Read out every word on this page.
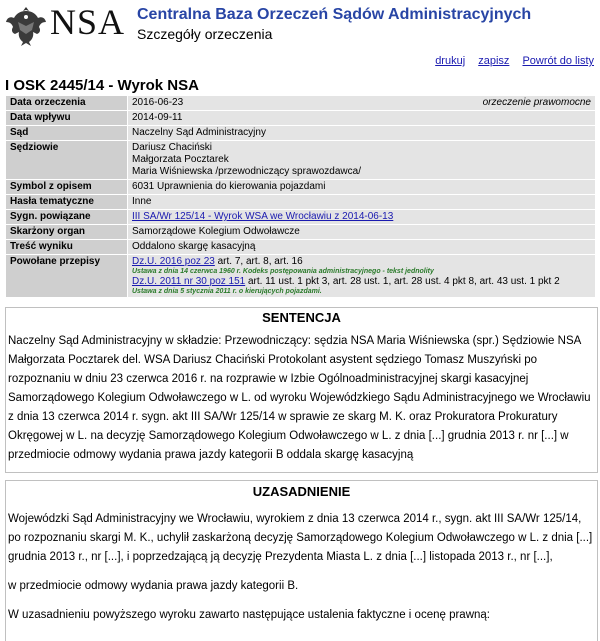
NSA Centralna Baza Orzeczeń Sądów Administracyjnych
Szczegóły orzeczenia
drukuj zapisz Powrót do listy
I OSK 2445/14 - Wyrok NSA
Data orzeczenia	2016-06-23 orzeczenie prawomocne

Data wpływu	2014-09-11
Sąd	Naczelny Sąd Administracyjny
Sędziowie	Dariusz Chaciński
Małgorzata Pocztarek
Maria Wiśniewska /przewodniczący sprawozdawca/

Symbol z opisem	6031 Uprawnienia do kierowania pojazdami
Hasła tematyczne	Inne
Sygn. powiązane	III SA/Wr 125/14 - Wyrok WSA we Wrocławiu z 2014-06-13
Skarżony organ	Samorządowe Kolegium Odwoławcze
Treść wyniku	Oddalono skargę kasacyjną
Powołane przepisy	Dz.U. 2016 poz 23 art. 7, art. 8, art. 16
Ustawa z dnia 14 czerwca 1960 r. Kodeks postępowania administracyjnego - tekst jednolity
Dz.U. 2011 nr 30 poz 151 art. 11 ust. 1 pkt 3, art. 28 ust. 1, art. 28 ust. 4 pkt 8, art. 43 ust. 1 pkt 2
Ustawa z dnia 5 stycznia 2011 r. o kierujących pojazdami.
SENTENCJA

Naczelny Sąd Administracyjny w składzie: Przewodniczący: sędzia NSA Maria Wiśniewska (spr.) Sędziowie NSA Małgorzata Pocztarek del. WSA Dariusz Chaciński Protokolant asystent sędziego Tomasz Muszyński po rozpoznaniu w dniu 23 czerwca 2016 r. na rozprawie w Izbie Ogólnoadministracyjnej skargi kasacyjnej Samorządowego Kolegium Odwoławczego w L. od wyroku Wojewódzkiego Sądu Administracyjnego we Wrocławiu z dnia 13 czerwca 2014 r. sygn. akt III SA/Wr 125/14 w sprawie ze skarg M. K. oraz Prokuratora Prokuratury Okręgowej w L. na decyzję Samorządowego Kolegium Odwoławczego w L. z dnia [...] grudnia 2013 r. nr [...] w przedmiocie odmowy wydania prawa jazdy kategorii B oddala skargę kasacyjną

UZASADNIENIE

Wojewódzki Sąd Administracyjny we Wrocławiu, wyrokiem z dnia 13 czerwca 2014 r., sygn. akt III SA/Wr 125/14, po rozpoznaniu skargi M. K., uchylił zaskarżoną decyzję Samorządowego Kolegium Odwoławczego w L. z dnia [...] grudnia 2013 r., nr [...], i poprzedzającą ją decyzję Prezydenta Miasta L. z dnia [...] listopada 2013 r., nr [...],

w przedmiocie odmowy wydania prawa jazdy kategorii B.

W uzasadnieniu powyższego wyroku zawarto następujące ustalenia faktyczne i ocenę prawną:
